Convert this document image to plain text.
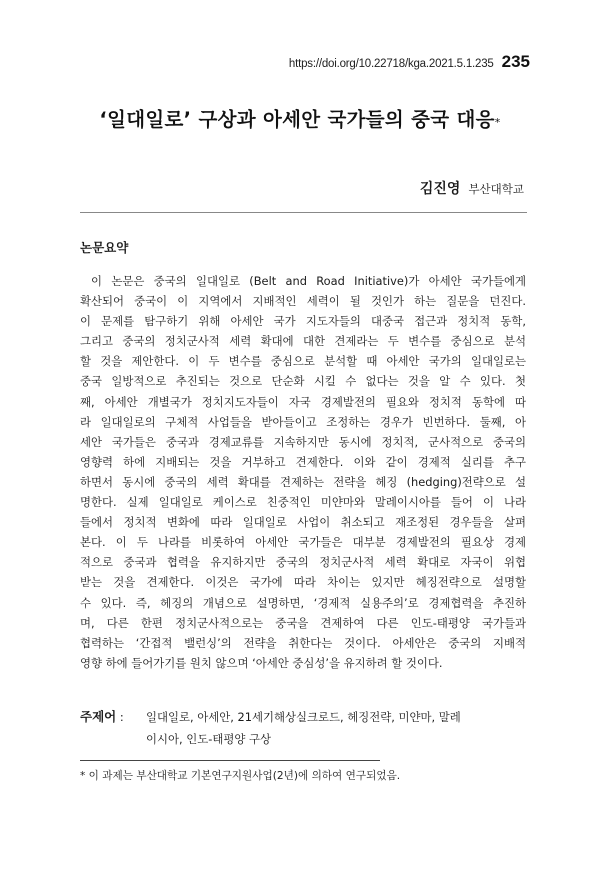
https://doi.org/10.22718/kga.2021.5.1.235 235
‘일대일로’ 구상과 아세안 국가들의 중국 대응*
김진영 부산대학교
논문요약
이 논문은 중국의 일대일로 (Belt and Road Initiative)가 아세안 국가들에게
확산되어 중국이 이 지역에서 지배적인 세력이 될 것인가 하는 질문을 던진다.
이 문제를 탐구하기 위해 아세안 국가 지도자들의 대중국 접근과 정치적 동학,
그리고 중국의 정치군사적 세력 확대에 대한 견제라는 두 변수를 중심으로 분석
할 것을 제안한다. 이 두 변수를 중심으로 분석할 때 아세안 국가의 일대일로는
중국 일방적으로 추진되는 것으로 단순화 시킬 수 없다는 것을 알 수 있다. 첫
째, 아세안 개별국가 정치지도자들이 자국 경제발전의 필요와 정치적 동학에 따
라 일대일로의 구체적 사업들을 받아들이고 조정하는 경우가 빈번하다. 둘째, 아
세안 국가들은 중국과 경제교류를 지속하지만 동시에 정치적, 군사적으로 중국의
영향력 하에 지배되는 것을 거부하고 견제한다. 이와 같이 경제적 실리를 추구
하면서 동시에 중국의 세력 확대를 견제하는 전략을 헤징 (hedging)전략으로 설
명한다. 실제 일대일로 케이스로 친중적인 미얀마와 말레이시아를 들어 이 나라
들에서 정치적 변화에 따라 일대일로 사업이 취소되고 재조정된 경우들을 살펴
본다. 이 두 나라를 비롯하여 아세안 국가들은 대부분 경제발전의 필요상 경제
적으로 중국과 협력을 유지하지만 중국의 정치군사적 세력 확대로 자국이 위협
받는 것을 견제한다. 이것은 국가에 따라 차이는 있지만 헤징전략으로 설명할
수 있다. 즉, 헤징의 개념으로 설명하면, ‘경제적 실용주의’로 경제협력을 추진하
며, 다른 한편 정치군사적으로는 중국을 견제하여 다른 인도-태평양 국가들과
협력하는 ‘간접적 밸런싱’의 전략을 취한다는 것이다. 아세안은 중국의 지배적
영향 하에 들어가기를 원치 않으며 ‘아세안 중심성’을 유지하려 할 것이다.
주제어 :	일대일로, 아세안, 21세기해상실크로드, 헤징전략, 미얀마, 말레
이시아, 인도-태평양 구상
* 이 과제는 부산대학교 기본연구지원사업(2년)에 의하여 연구되었음.
